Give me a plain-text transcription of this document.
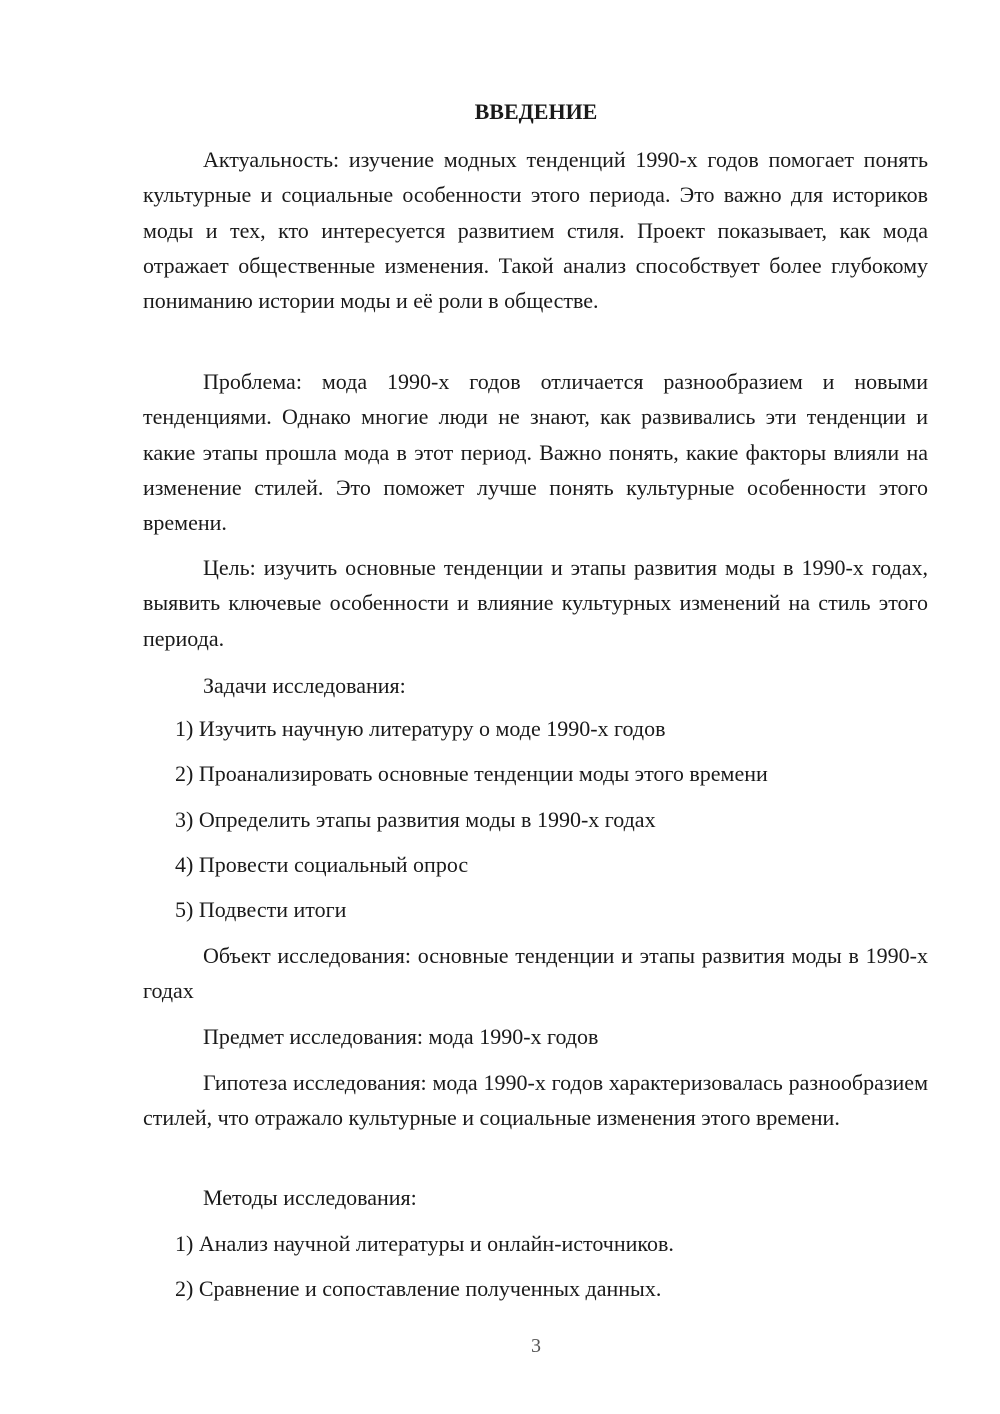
ВВЕДЕНИЕ

Актуальность: изучение модных тенденций 1990-х годов помогает понять культурные и социальные особенности этого периода. Это важно для историков моды и тех, кто интересуется развитием стиля. Проект показывает, как мода отражает общественные изменения. Такой анализ способствует более глубокому пониманию истории моды и её роли в обществе.

Проблема: мода 1990-х годов отличается разнообразием и новыми тенденциями. Однако многие люди не знают, как развивались эти тенденции и какие этапы прошла мода в этот период. Важно понять, какие факторы влияли на изменение стилей. Это поможет лучше понять культурные особенности этого времени.

Цель: изучить основные тенденции и этапы развития моды в 1990-х годах, выявить ключевые особенности и влияние культурных изменений на стиль этого периода.

Задачи исследования:

1) Изучить научную литературу о моде 1990-х годов

2) Проанализировать основные тенденции моды этого времени

3) Определить этапы развития моды в 1990-х годах

4) Провести социальный опрос

5) Подвести итоги

Объект исследования: основные тенденции и этапы развития моды в 1990-х годах

Предмет исследования: мода 1990-х годов

Гипотеза исследования: мода 1990-х годов характеризовалась разнообразием стилей, что отражало культурные и социальные изменения этого времени.

Методы исследования:

1) Анализ научной литературы и онлайн-источников.

2) Сравнение и сопоставление полученных данных.

3
